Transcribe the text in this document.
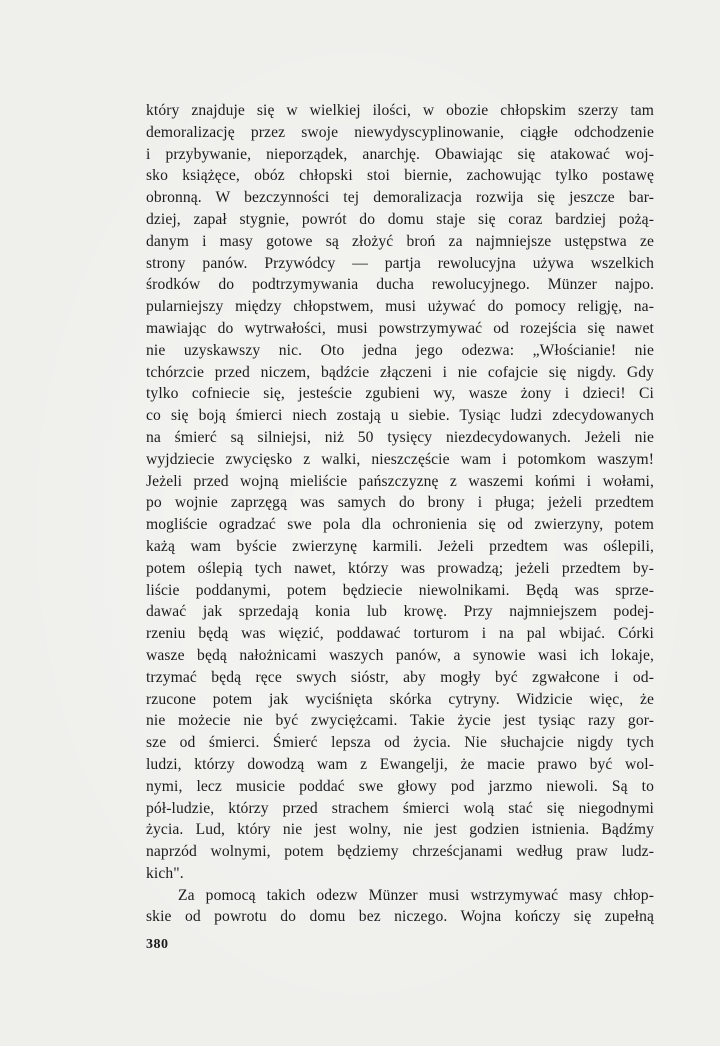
który znajduje się w wielkiej ilości, w obozie chłopskim szerzy tam
demoralizację przez swoje niewydyscyplinowanie, ciągłe odchodzenie
i przybywanie, nieporządek, anarchję. Obawiając się atakować woj-
sko książęce, obóz chłopski stoi biernie, zachowując tylko postawę
obronną. W bezczynności tej demoralizacja rozwija się jeszcze bar-
dziej, zapał stygnie, powrót do domu staje się coraz bardziej pożą-
danym i masy gotowe są złożyć broń za najmniejsze ustępstwa ze
strony panów. Przywódcy — partja rewolucyjna używa wszelkich
środków do podtrzymywania ducha rewolucyjnego. Münzer najpo.
pularniejszy między chłopstwem, musi używać do pomocy religję, na-
mawiając do wytrwałości, musi powstrzymywać od rozejścia się nawet
nie uzyskawszy nic. Oto jedna jego odezwa: „Włościanie! nie
tchórzcie przed niczem, bądźcie złączeni i nie cofajcie się nigdy. Gdy
tylko cofniecie się, jesteście zgubieni wy, wasze żony i dzieci! Ci
co się boją śmierci niech zostają u siebie. Tysiąc ludzi zdecydowanych
na śmierć są silniejsi, niż 50 tysięcy niezdecydowanych. Jeżeli nie
wyjdziecie zwycięsko z walki, nieszczęście wam i potomkom waszym!
Jeżeli przed wojną mieliście pańszczyznę z waszemi końmi i wołami,
po wojnie zaprzęgą was samych do brony i pługa; jeżeli przedtem
mogliście ogradzać swe pola dla ochronienia się od zwierzyny, potem
każą wam byście zwierzynę karmili. Jeżeli przedtem was oślepili,
potem oślepią tych nawet, którzy was prowadzą; jeżeli przedtem by-
liście poddanymi, potem będziecie niewolnikami. Będą was sprze-
dawać jak sprzedają konia lub krowę. Przy najmniejszem podej-
rzeniu będą was więzić, poddawać torturom i na pal wbijać. Córki
wasze będą nałożnicami waszych panów, a synowie wasi ich lokaje,
trzymać będą ręce swych sióstr, aby mogły być zgwałcone i od-
rzucone potem jak wyciśnięta skórka cytryny. Widzicie więc, że
nie możecie nie być zwyciężcami. Takie życie jest tysiąc razy gor-
sze od śmierci. Śmierć lepsza od życia. Nie słuchajcie nigdy tych
ludzi, którzy dowodzą wam z Ewangelji, że macie prawo być wol-
nymi, lecz musicie poddać swe głowy pod jarzmo niewoli. Są to
pół-ludzie, którzy przed strachem śmierci wolą stać się niegodnymi
życia. Lud, który nie jest wolny, nie jest godzien istnienia. Bądźmy
naprzód wolnymi, potem będziemy chrześcjanami według praw ludz-
kich".
Za pomocą takich odezw Münzer musi wstrzymywać masy chłop-
skie od powrotu do domu bez niczego. Wojna kończy się zupełną
380
